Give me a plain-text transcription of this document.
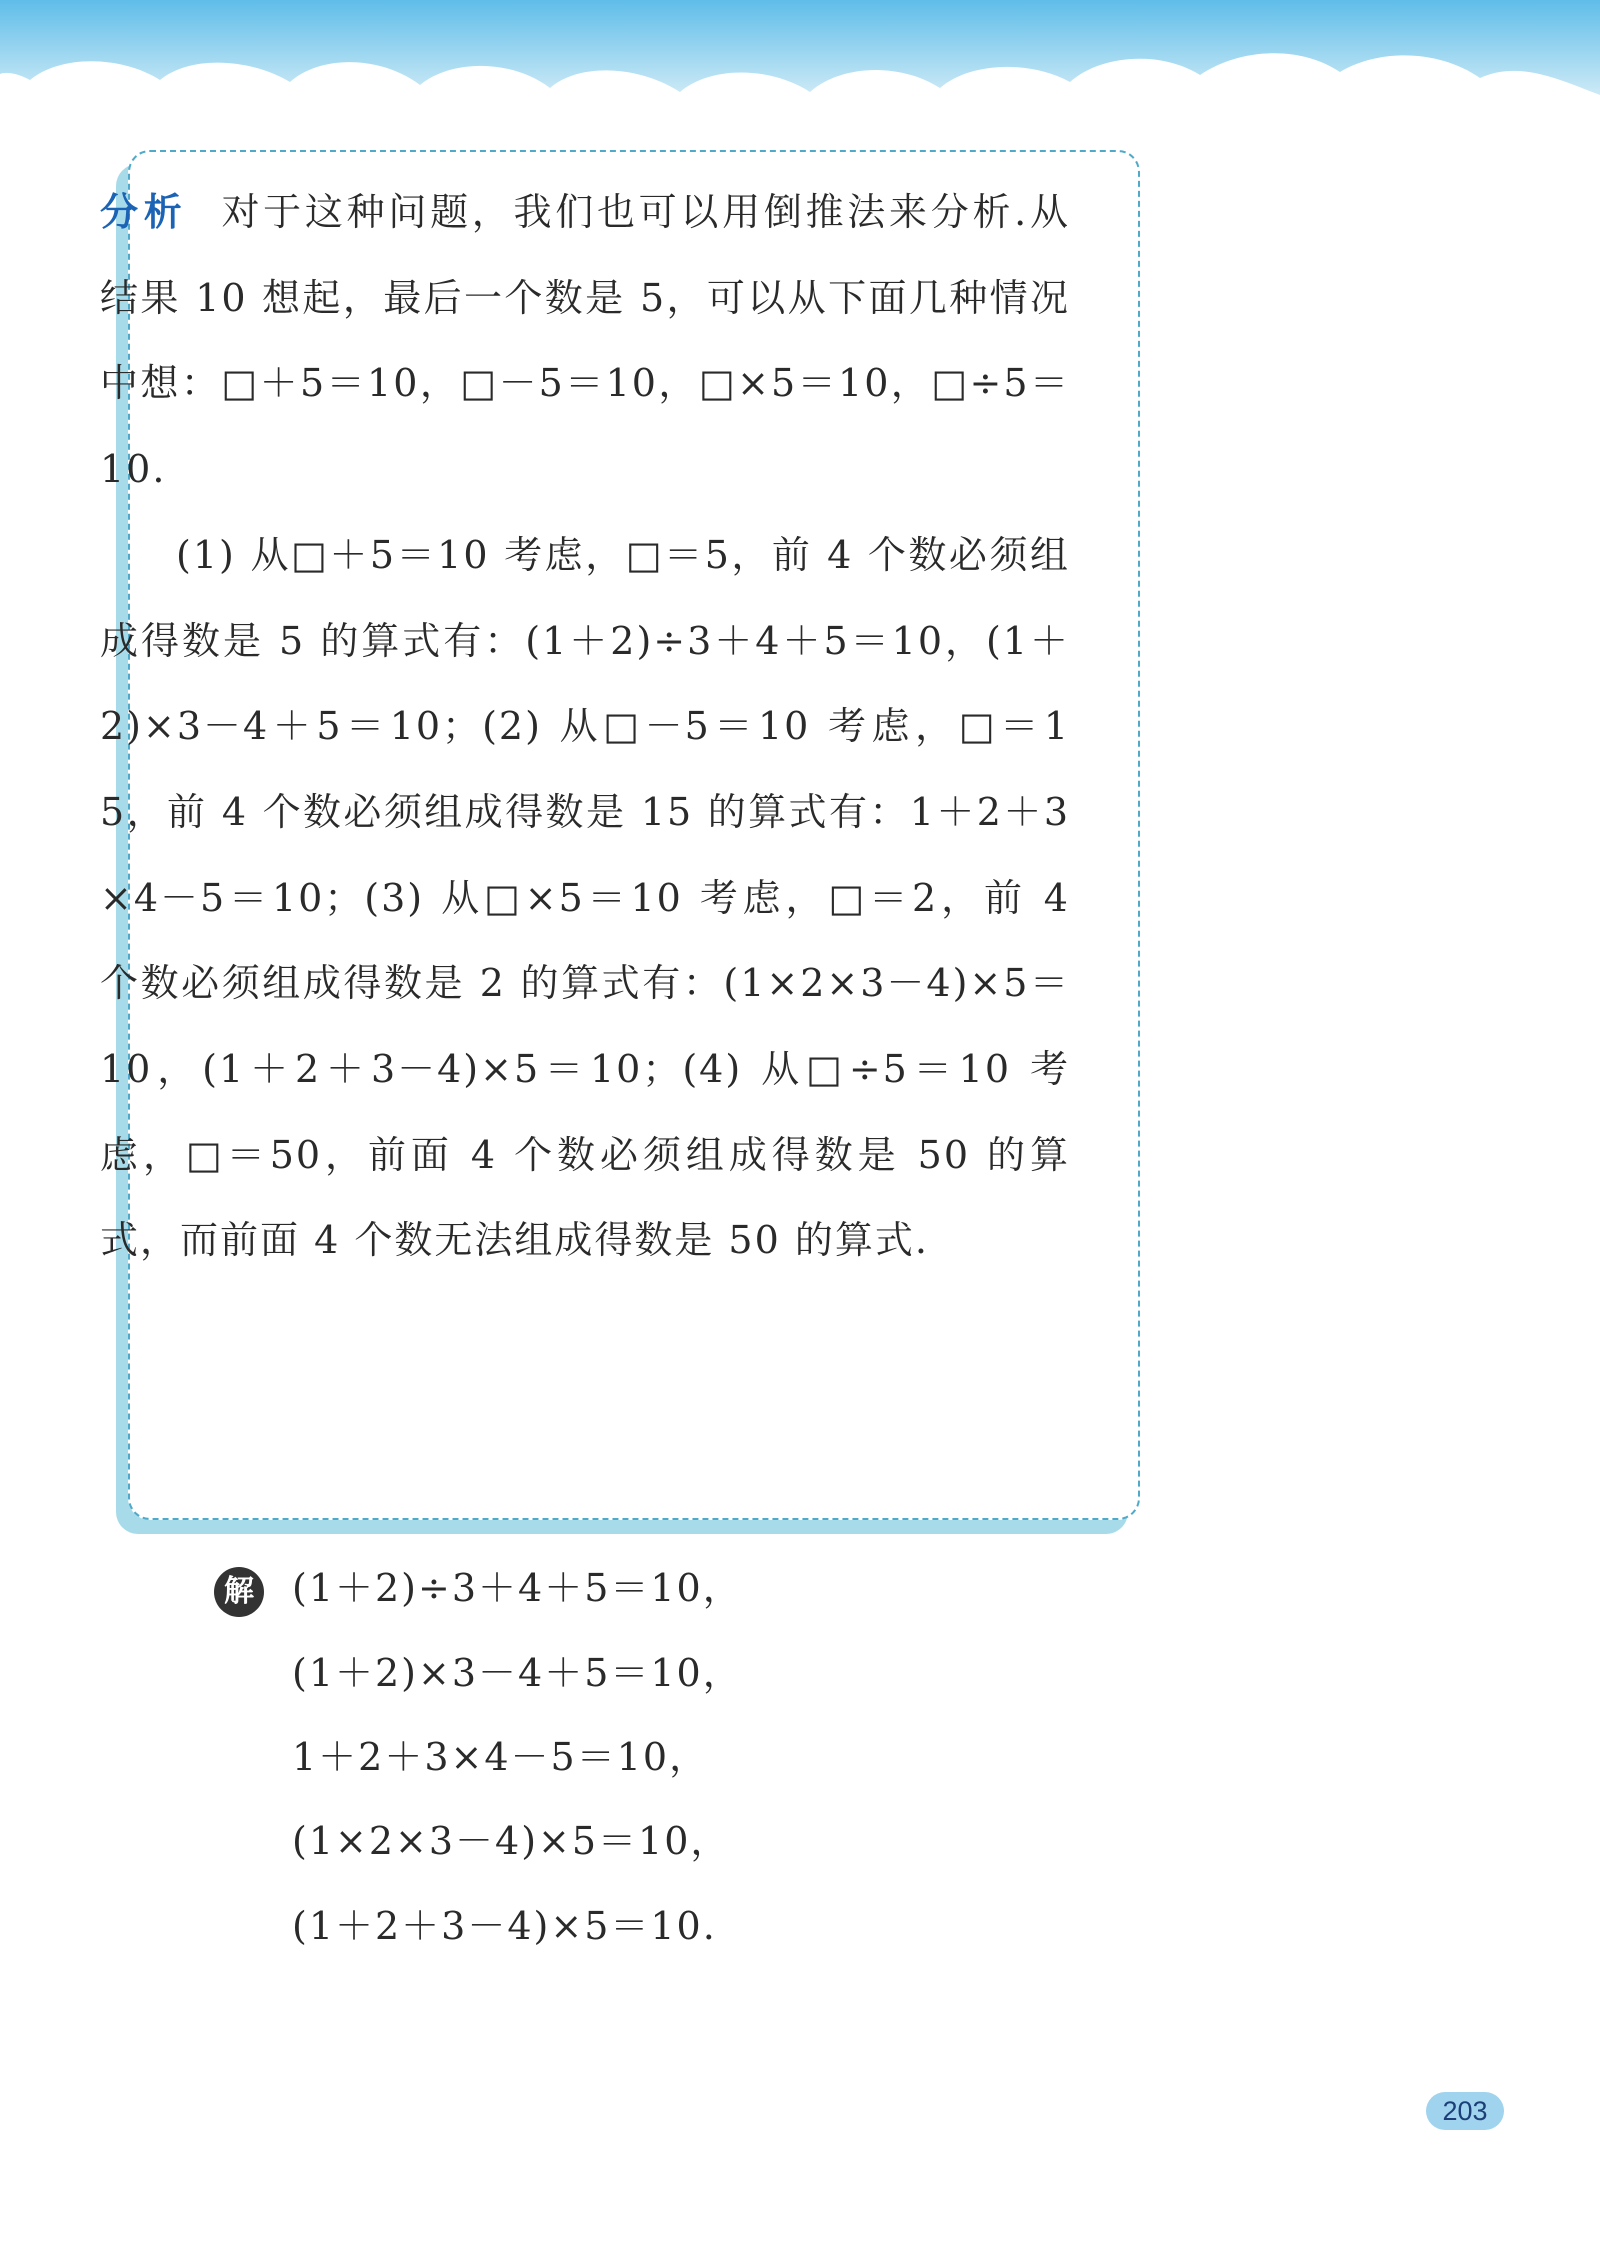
分析 对于这种问题，我们也可以用倒推法来分析.从结果 10 想起，最后一个数是 5，可以从下面几种情况中想：□＋5＝10，□－5＝10，□×5＝10，□÷5＝10.
(1) 从□＋5＝10 考虑，□＝5，前 4 个数必须组成得数是 5 的算式有：(1＋2)÷3＋4＋5＝10，(1＋2)×3－4＋5＝10；(2) 从□－5＝10 考虑，□＝15，前 4 个数必须组成得数是 15 的算式有：1＋2＋3×4－5＝10；(3) 从□×5＝10 考虑，□＝2，前 4 个数必须组成得数是 2 的算式有：(1×2×3－4)×5＝10，(1＋2＋3－4)×5＝10；(4) 从□÷5＝10 考虑，□＝50，前面 4 个数必须组成得数是 50 的算式，而前面 4 个数无法组成得数是 50 的算式.

解 (1＋2)÷3＋4＋5＝10，
(1＋2)×3－4＋5＝10，
1＋2＋3×4－5＝10，
(1×2×3－4)×5＝10，
(1＋2＋3－4)×5＝10.
203
